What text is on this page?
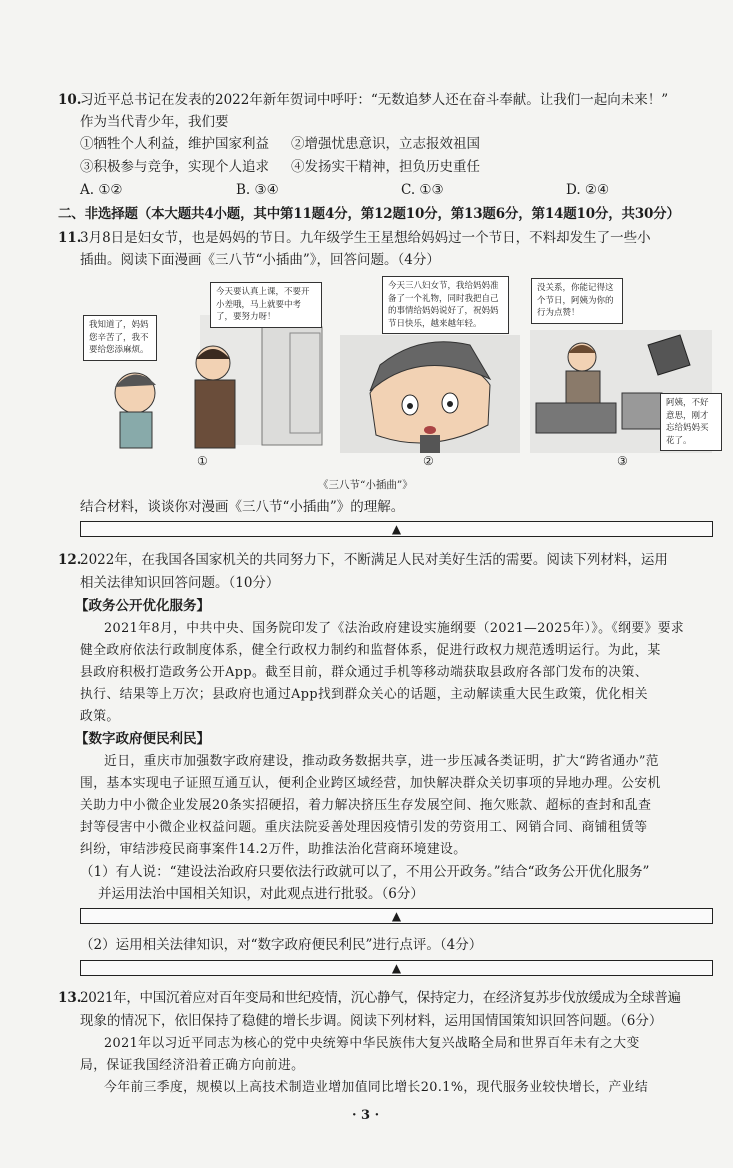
10.
习近平总书记在发表的2022年新年贺词中呼吁：“无数追梦人还在奋斗奉献。让我们一起向未来！”
作为当代青少年，我们要
①牺牲个人利益，维护国家利益 ②增强忧患意识，立志报效祖国
③积极参与竞争，实现个人追求 ④发扬实干精神，担负历史重任
A. ①②	B. ③④	C. ①③	D. ②④
二、非选择题（本大题共4小题，其中第11题4分，第12题10分，第13题6分，第14题10分，共30分）
11.
3月8日是妇女节，也是妈妈的节日。九年级学生王星想给妈妈过一个节日，不料却发生了一些小
插曲。阅读下面漫画《三八节“小插曲”》，回答问题。（4分）
我知道了，妈妈您辛苦了，我不要给您添麻烦。
今天要认真上课，不要开小差哦，马上就要中考了，要努力呀！
①
今天三八妇女节，我给妈妈准备了一个礼物，同时我把自己的事情给妈妈说好了，祝妈妈节日快乐，越来越年轻。
②
没关系，你能记得这个节日，阿姨为你的行为点赞！
阿姨，不好意思，刚才忘给妈妈买花了。
③
《三八节“小插曲”》
结合材料，谈谈你对漫画《三八节“小插曲”》的理解。
▲
12.
2022年，在我国各国家机关的共同努力下，不断满足人民对美好生活的需要。阅读下列材料，运用
相关法律知识回答问题。（10分）
【政务公开优化服务】
2021年8月，中共中央、国务院印发了《法治政府建设实施纲要（2021—2025年）》。《纲要》要求
健全政府依法行政制度体系，健全行政权力制约和监督体系，促进行政权力规范透明运行。为此，某
县政府积极打造政务公开App。截至目前，群众通过手机等移动端获取县政府各部门发布的决策、
执行、结果等上万次；县政府也通过App找到群众关心的话题，主动解读重大民生政策，优化相关
政策。
【数字政府便民利民】
近日，重庆市加强数字政府建设，推动政务数据共享，进一步压减各类证明，扩大“跨省通办”范
围，基本实现电子证照互通互认，便利企业跨区域经营，加快解决群众关切事项的异地办理。公安机
关助力中小微企业发展20条实招硬招，着力解决挤压生存发展空间、拖欠账款、超标的查封和乱查
封等侵害中小微企业权益问题。重庆法院妥善处理因疫情引发的劳资用工、网销合同、商铺租赁等
纠纷，审结涉疫民商事案件14.2万件，助推法治化营商环境建设。
（1）有人说：“建设法治政府只要依法行政就可以了，不用公开政务。”结合“政务公开优化服务”
并运用法治中国相关知识，对此观点进行批驳。（6分）
▲
（2）运用相关法律知识，对“数字政府便民利民”进行点评。（4分）
▲
13.
2021年，中国沉着应对百年变局和世纪疫情，沉心静气，保持定力，在经济复苏步伐放缓成为全球普遍
现象的情况下，依旧保持了稳健的增长步调。阅读下列材料，运用国情国策知识回答问题。（6分）
2021年以习近平同志为核心的党中央统筹中华民族伟大复兴战略全局和世界百年未有之大变
局，保证我国经济沿着正确方向前进。
今年前三季度，规模以上高技术制造业增加值同比增长20.1%，现代服务业较快增长，产业结
· 3 ·
